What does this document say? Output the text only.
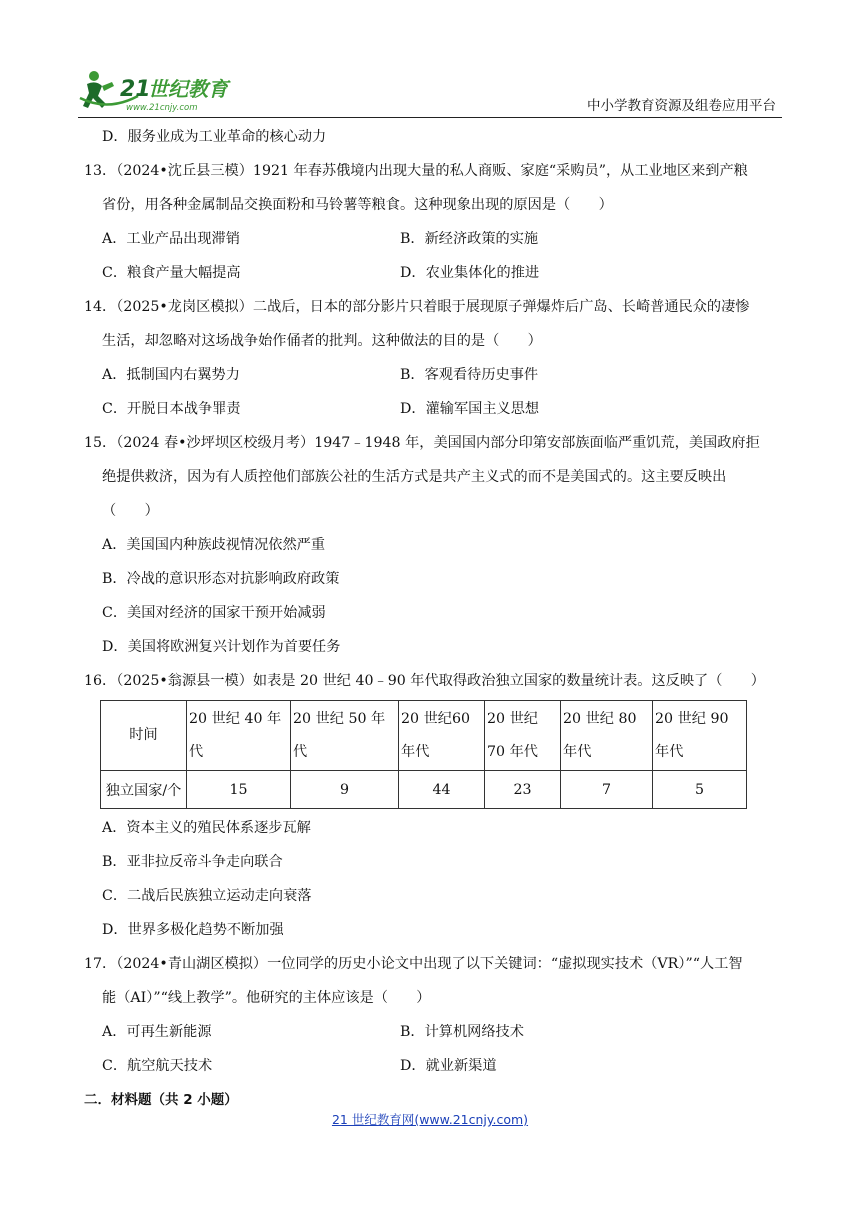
21
世纪教育
www.21cnjy.com	中小学教育资源及组卷应用平台
D．服务业成为工业革命的核心动力
13．（2024•沈丘县三模）1921 年春苏俄境内出现大量的私人商贩、家庭“采购员”，从工业地区来到产粮
省份，用各种金属制品交换面粉和马铃薯等粮食。这种现象出现的原因是（　　）
A．工业产品出现滞销	B．新经济政策的实施
C．粮食产量大幅提高	D．农业集体化的推进
14．（2025•龙岗区模拟）二战后，日本的部分影片只着眼于展现原子弹爆炸后广岛、长崎普通民众的凄惨
生活，却忽略对这场战争始作俑者的批判。这种做法的目的是（　　）
A．抵制国内右翼势力	B．客观看待历史事件
C．开脱日本战争罪责	D．灌输军国主义思想
15．（2024 春•沙坪坝区校级月考）1947﹣1948 年，美国国内部分印第安部族面临严重饥荒，美国政府拒
绝提供救济，因为有人质控他们部族公社的生活方式是共产主义式的而不是美国式的。这主要反映出
（　　）
A．美国国内种族歧视情况依然严重
B．冷战的意识形态对抗影响政府政策
C．美国对经济的国家干预开始减弱
D．美国将欧洲复兴计划作为首要任务
16．（2025•翁源县一模）如表是 20 世纪 40﹣90 年代取得政治独立国家的数量统计表。这反映了（　　）
时间	20 世纪 40 年代	20 世纪 50 年代	20 世纪60 年代	20 世纪 70 年代	20 世纪 80 年代	20 世纪 90 年代
独立国家/个	15	9	44	23	7	5
A．资本主义的殖民体系逐步瓦解
B．亚非拉反帝斗争走向联合
C．二战后民族独立运动走向衰落
D．世界多极化趋势不断加强
17．（2024•青山湖区模拟）一位同学的历史小论文中出现了以下关键词：“虚拟现实技术（VR）”“人工智
能（AI）”“线上教学”。他研究的主体应该是（　　）
A．可再生新能源	B．计算机网络技术
C．航空航天技术	D．就业新渠道
二．材料题（共 2 小题）
21 世纪教育网(www.21cnjy.com)
